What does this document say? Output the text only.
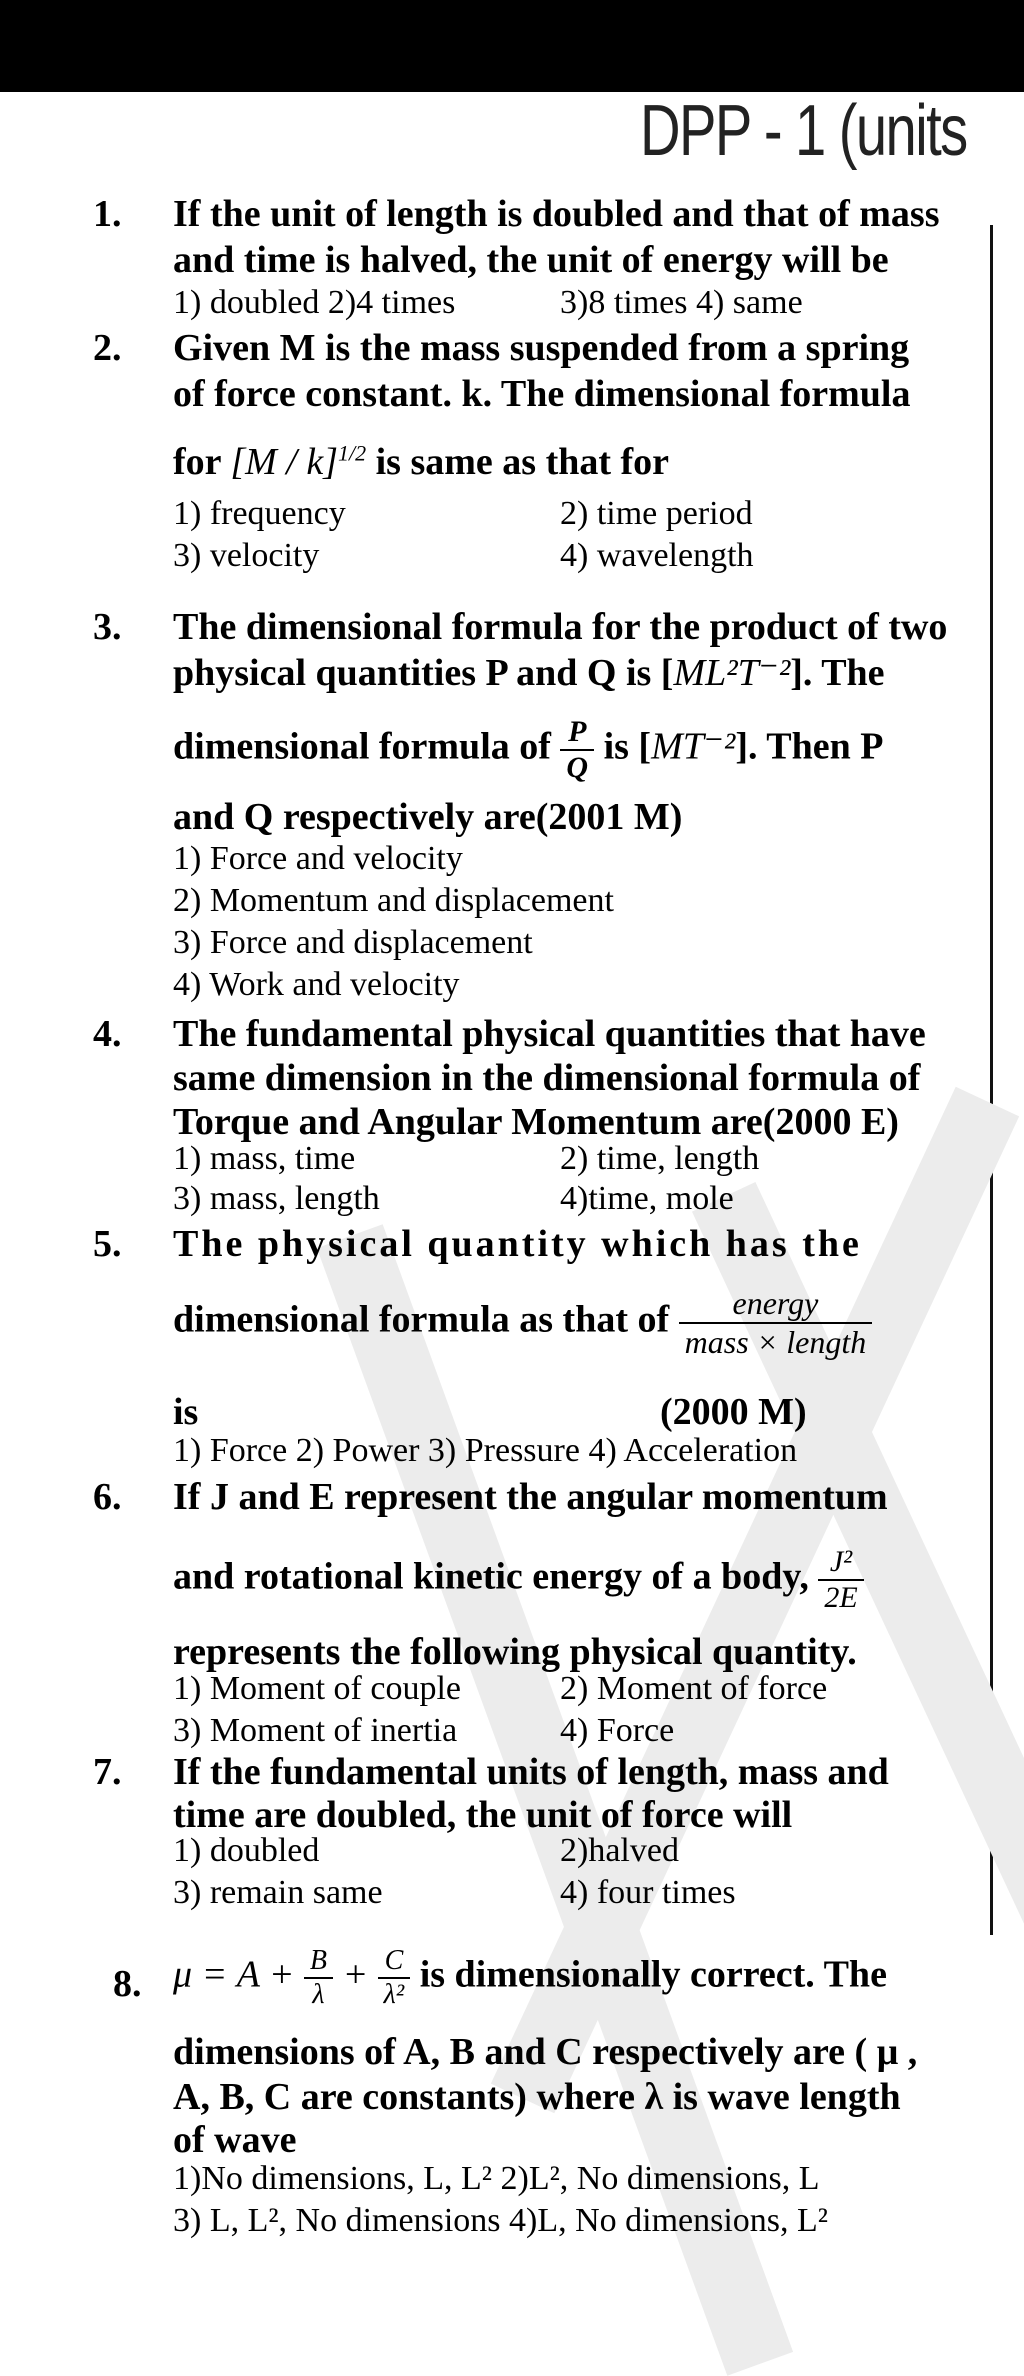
DPP - 1 (units
1. If the unit of length is doubled and that of mass
and time is halved, the unit of energy will be
1) doubled 2)4 times	3)8 times 4) same
2. Given M is the mass suspended from a spring
of force constant. k. The dimensional formula
for [M / k]$^{1/2}$ is same as that for
1) frequency	2) time period
3) velocity	4) wavelength
3. The dimensional formula for the product of two
physical quantities P and Q is [ML²T⁻²]. The
dimensional formula of $\frac{P}{Q}$ is [MT⁻²]. Then P
and Q respectively are(2001 M)
1) Force and velocity
2) Momentum and displacement
3) Force and displacement
4) Work and velocity
4. The fundamental physical quantities that have
same dimension in the dimensional formula of
Torque and Angular Momentum are(2000 E)
1) mass, time	2) time, length
3) mass, length	4)time, mole
5. The physical quantity which has the
dimensional formula as that of $\frac{\text{energy}}{\text{mass × length}}$
is	(2000 M)
1) Force 2) Power 3) Pressure 4) Acceleration
6. If J and E represent the angular momentum
and rotational kinetic energy of a body, $\frac{\text{J²}}{2E}$
represents the following physical quantity.
1) Moment of couple	2) Moment of force
3) Moment of inertia	4) Force
7. If the fundamental units of length, mass and
time are doubled, the unit of force will
1) doubled	2)halved
3) remain same	4) four times
8. $\mu = A + \frac{B}{\lambda} + \frac{C}{\text{λ²}}$ is dimensionally correct. The
dimensions of A, B and C respectively are ( μ ,
A, B, C are constants) where λ is wave length
of wave
1)No dimensions, L, L² 2)L², No dimensions, L
3) L, L², No dimensions 4)L, No dimensions, L²
